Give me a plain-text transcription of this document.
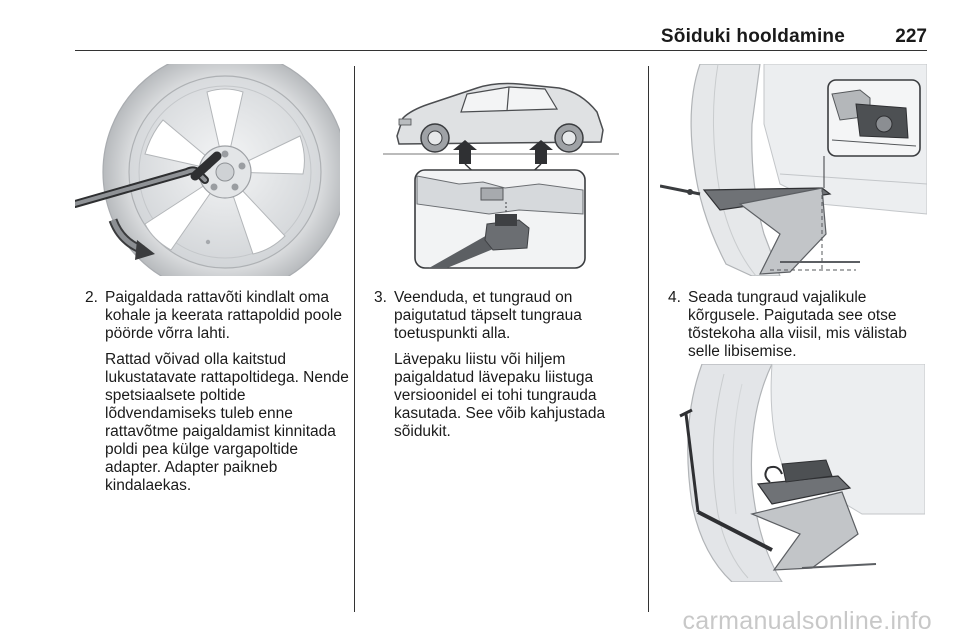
Sõiduki hooldamine	227
2. Paigaldada rattavõti kindlalt oma kohale ja keerata rattapoldid poole pöörde võrra lahti.
Rattad võivad olla kaitstud lukustatavate rattapoltidega. Nende spetsiaalsete poltide lõdvendamiseks tuleb enne rattavõtme paigaldamist kinnitada poldi pea külge vargapoltide adapter. Adapter paikneb kindalaekas.
3. Veenduda, et tungraud on paigutatud täpselt tungraua toetuspunkti alla.
Lävepaku liistu või hiljem paigaldatud lävepaku liistuga versioonidel ei tohi tungrauda kasutada. See võib kahjustada sõidukit.
4. Seada tungraud vajalikule kõrgusele. Paigutada see otse tõstekoha alla viisil, mis välistab selle libisemise.
carmanualsonline.info
